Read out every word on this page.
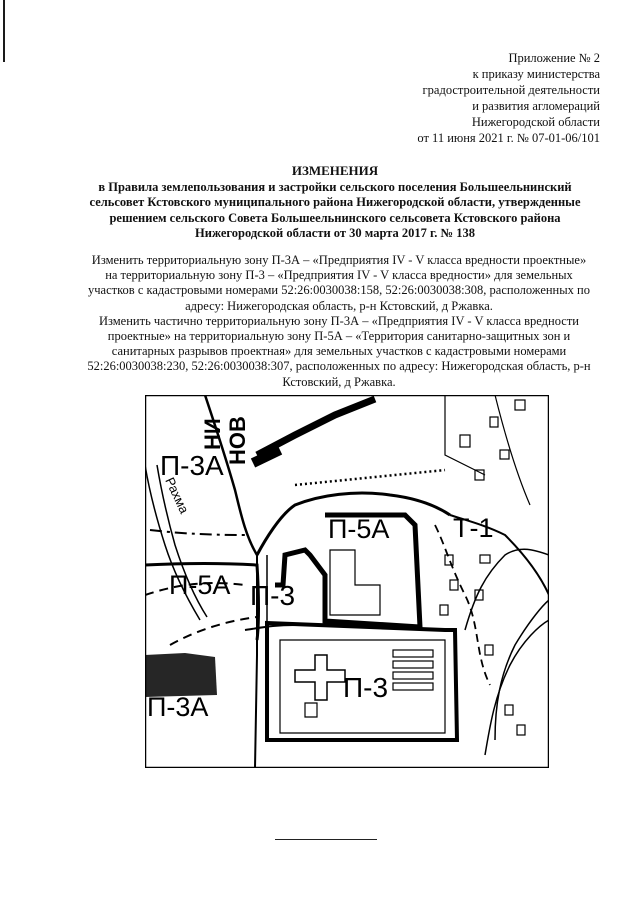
Приложение № 2
к приказу министерства
градостроительной деятельности
и развития агломераций
Нижегородской области
от 11 июня 2021 г. № 07-01-06/101
ИЗМЕНЕНИЯ
в Правила землепользования и застройки сельского поселения Большеельнинский
сельсовет Кстовского муниципального района Нижегородской области, утвержденные
решением сельского Совета Большеельнинского сельсовета Кстовского района
Нижегородской области от 30 марта 2017 г. № 138
Изменить территориальную зону П-3А – «Предприятия IV - V класса вредности проектные»
на территориальную зону П-3 – «Предприятия IV - V класса вредности» для земельных
участков с кадастровыми номерами 52:26:0030038:158, 52:26:0030038:308, расположенных по
адресу: Нижегородская область, р-н Кстовский, д Ржавка.
Изменить частично территориальную зону П-3А – «Предприятия IV - V класса вредности
проектные» на территориальную зону П-5А – «Территория санитарно-защитных зон и
санитарных разрывов проектная» для земельных участков с кадастровыми номерами
52:26:0030038:230, 52:26:0030038:307, расположенных по адресу: Нижегородская область, р-н
Кстовский, д Ржавка.
П-3А
П-5А Т-1
П-5А П-3
П-3
П-3А
НИ НОВ
Рахма
